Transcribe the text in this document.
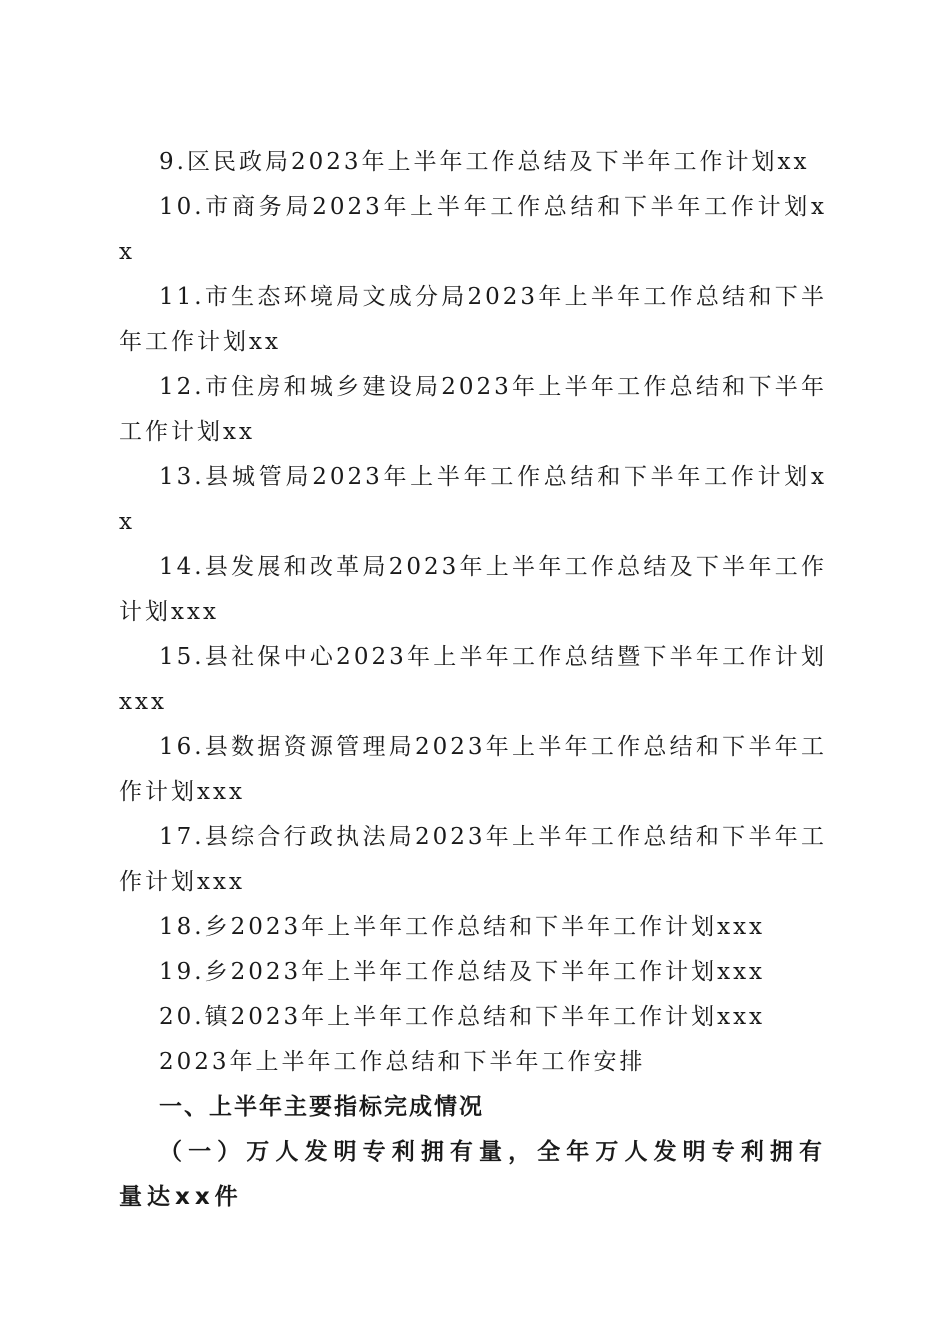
9.区民政局2023年上半年工作总结及下半年工作计划xx

10.市商务局2023年上半年工作总结和下半年工作计划xx

11.市生态环境局文成分局2023年上半年工作总结和下半年工作计划xx

12.市住房和城乡建设局2023年上半年工作总结和下半年工作计划xx

13.县城管局2023年上半年工作总结和下半年工作计划xx

14.县发展和改革局2023年上半年工作总结及下半年工作计划xxx

15.县社保中心2023年上半年工作总结暨下半年工作计划xxx

16.县数据资源管理局2023年上半年工作总结和下半年工作计划xxx

17.县综合行政执法局2023年上半年工作总结和下半年工作计划xxx

18.乡2023年上半年工作总结和下半年工作计划xxx

19.乡2023年上半年工作总结及下半年工作计划xxx

20.镇2023年上半年工作总结和下半年工作计划xxx

2023年上半年工作总结和下半年工作安排

一、上半年主要指标完成情况

（一）万人发明专利拥有量，全年万人发明专利拥有量达xx件
